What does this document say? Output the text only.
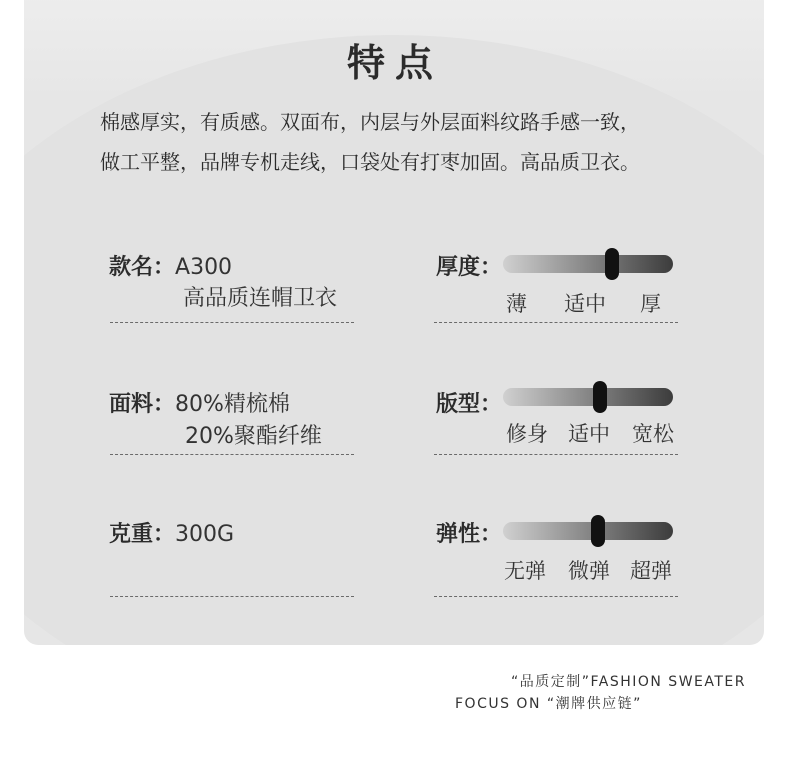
特点
棉感厚实，有质感。双面布，内层与外层面料纹路手感一致，
做工平整，品牌专机走线，口袋处有打枣加固。高品质卫衣。
款名：A300
高品质连帽卫衣
面料：80%精梳棉
20%聚酯纤维
克重：300G
厚度：
薄 适中 厚
版型：
修身 适中 宽松
弹性：
无弹 微弹 超弹
“品质定制”FASHION SWEATER
FOCUS ON “潮牌供应链”
